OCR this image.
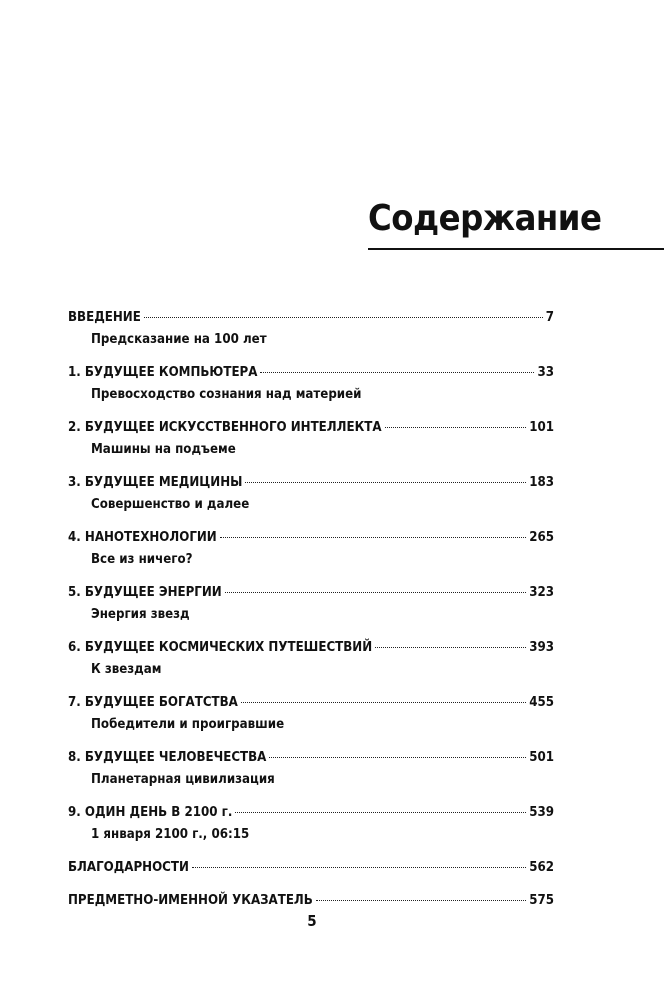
Содержание
ВВЕДЕНИЕ	7
Предсказание на 100 лет
1. БУДУЩЕЕ КОМПЬЮТЕРА	33
Превосходство сознания над материей
2. БУДУЩЕЕ ИСКУССТВЕННОГО ИНТЕЛЛЕКТА	101
Машины на подъеме
3. БУДУЩЕЕ МЕДИЦИНЫ	183
Совершенство и далее
4. НАНОТЕХНОЛОГИИ	265
Все из ничего?
5. БУДУЩЕЕ ЭНЕРГИИ	323
Энергия звезд
6. БУДУЩЕЕ КОСМИЧЕСКИХ ПУТЕШЕСТВИЙ	393
К звездам
7. БУДУЩЕЕ БОГАТСТВА	455
Победители и проигравшие
8. БУДУЩЕЕ ЧЕЛОВЕЧЕСТВА	501
Планетарная цивилизация
9. ОДИН ДЕНЬ В 2100 г.	539
1 января 2100 г., 06:15
БЛАГОДАРНОСТИ	562
ПРЕДМЕТНО-ИМЕННОЙ УКАЗАТЕЛЬ	575
5
